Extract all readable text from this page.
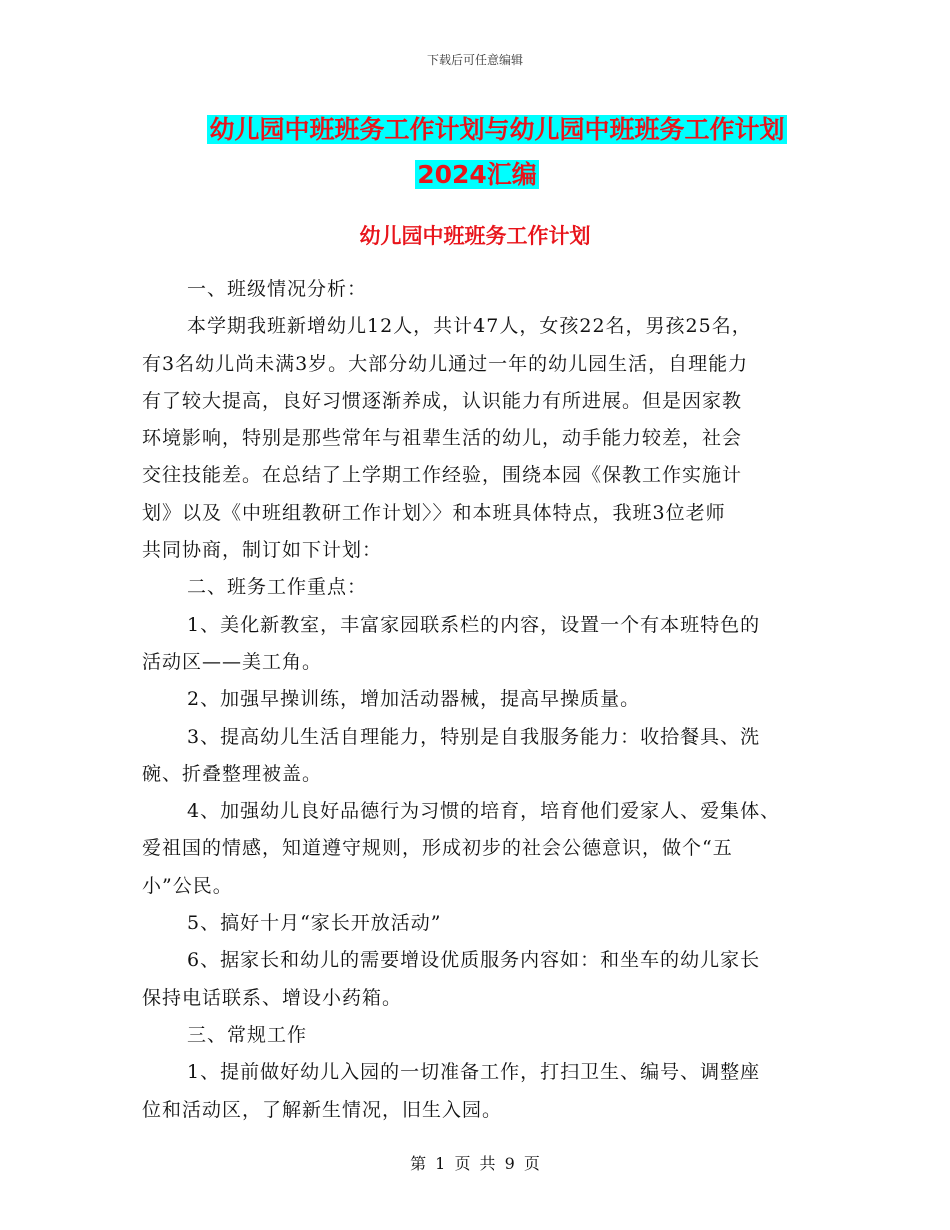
下载后可任意编辑
幼儿园中班班务工作计划与幼儿园中班班务工作计划
2024汇编
幼儿园中班班务工作计划
一、班级情况分析：
本学期我班新增幼儿12人，共计47人，女孩22名，男孩25名，
有3名幼儿尚未满3岁。大部分幼儿通过一年的幼儿园生活，自理能力
有了较大提高，良好习惯逐渐养成，认识能力有所进展。但是因家教
环境影响，特别是那些常年与祖辈生活的幼儿，动手能力较差，社会
交往技能差。在总结了上学期工作经验，围绕本园《保教工作实施计
划》以及《中班组教研工作计划〉〉和本班具体特点，我班3位老师
共同协商，制订如下计划：
二、班务工作重点：
1、美化新教室，丰富家园联系栏的内容，设置一个有本班特色的
活动区——美工角。
2、加强早操训练，增加活动器械，提高早操质量。
3、提高幼儿生活自理能力，特别是自我服务能力：收拾餐具、洗
碗、折叠整理被盖。
4、加强幼儿良好品德行为习惯的培育，培育他们爱家人、爱集体、
爱祖国的情感，知道遵守规则，形成初步的社会公德意识，做个“五
小”公民。
5、搞好十月“家长开放活动”
6、据家长和幼儿的需要增设优质服务内容如：和坐车的幼儿家长
保持电话联系、增设小药箱。
三、常规工作
1、提前做好幼儿入园的一切准备工作，打扫卫生、编号、调整座
位和活动区，了解新生情况，旧生入园。
第 1 页 共 9 页
